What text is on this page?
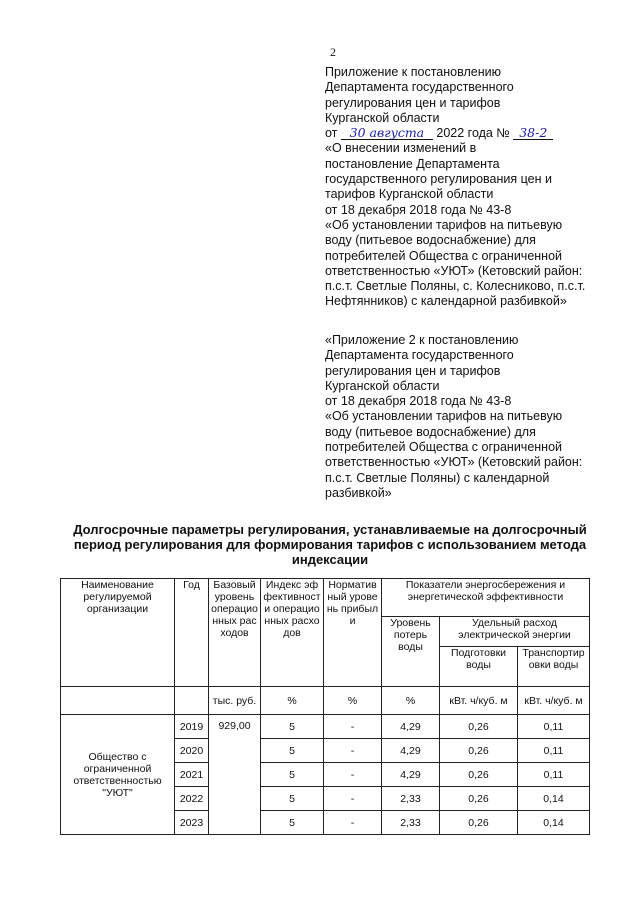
2
Приложение к постановлению
Департамента государственного
регулирования цен и тарифов
Курганской области
от 30 августа 2022 года № 38-2
«О внесении изменений в
постановление Департамента
государственного регулирования цен и
тарифов Курганской области
от 18 декабря 2018 года № 43-8
«Об установлении тарифов на питьевую
воду (питьевое водоснабжение) для
потребителей Общества с ограниченной
ответственностью «УЮТ» (Кетовский район:
п.с.т. Светлые Поляны, с. Колесниково, п.с.т.
Нефтянников) с календарной разбивкой»
«Приложение 2 к постановлению
Департамента государственного
регулирования цен и тарифов
Курганской области
от 18 декабря 2018 года № 43-8
«Об установлении тарифов на питьевую
воду (питьевое водоснабжение) для
потребителей Общества с ограниченной
ответственностью «УЮТ» (Кетовский район:
п.с.т. Светлые Поляны) с календарной
разбивкой»
Долгосрочные параметры регулирования, устанавливаемые на долгосрочный
период регулирования для формирования тарифов с использованием метода
индексации
Наименование регулируемой организации	Год	Базовый уровень операционных расходов	Индекс эффективности операционных расходов	Нормативный уровень прибыли	Показатели энергосбережения и энергетической эффективности		
					Уровень потерь воды	Удельный расход электрической энергии	
						Подготовки воды	Транспортировки воды
		тыс. руб.	%	%	%	кВт. ч/куб. м	кВт. ч/куб. м
Общество с ограниченной ответственностью "УЮТ"	2019	929,00	5	-	4,29	0,26	0,11
	2020		5	-	4,29	0,26	0,11
	2021		5	-	4,29	0,26	0,11
	2022		5	-	2,33	0,26	0,14
	2023		5	-	2,33	0,26	0,14
